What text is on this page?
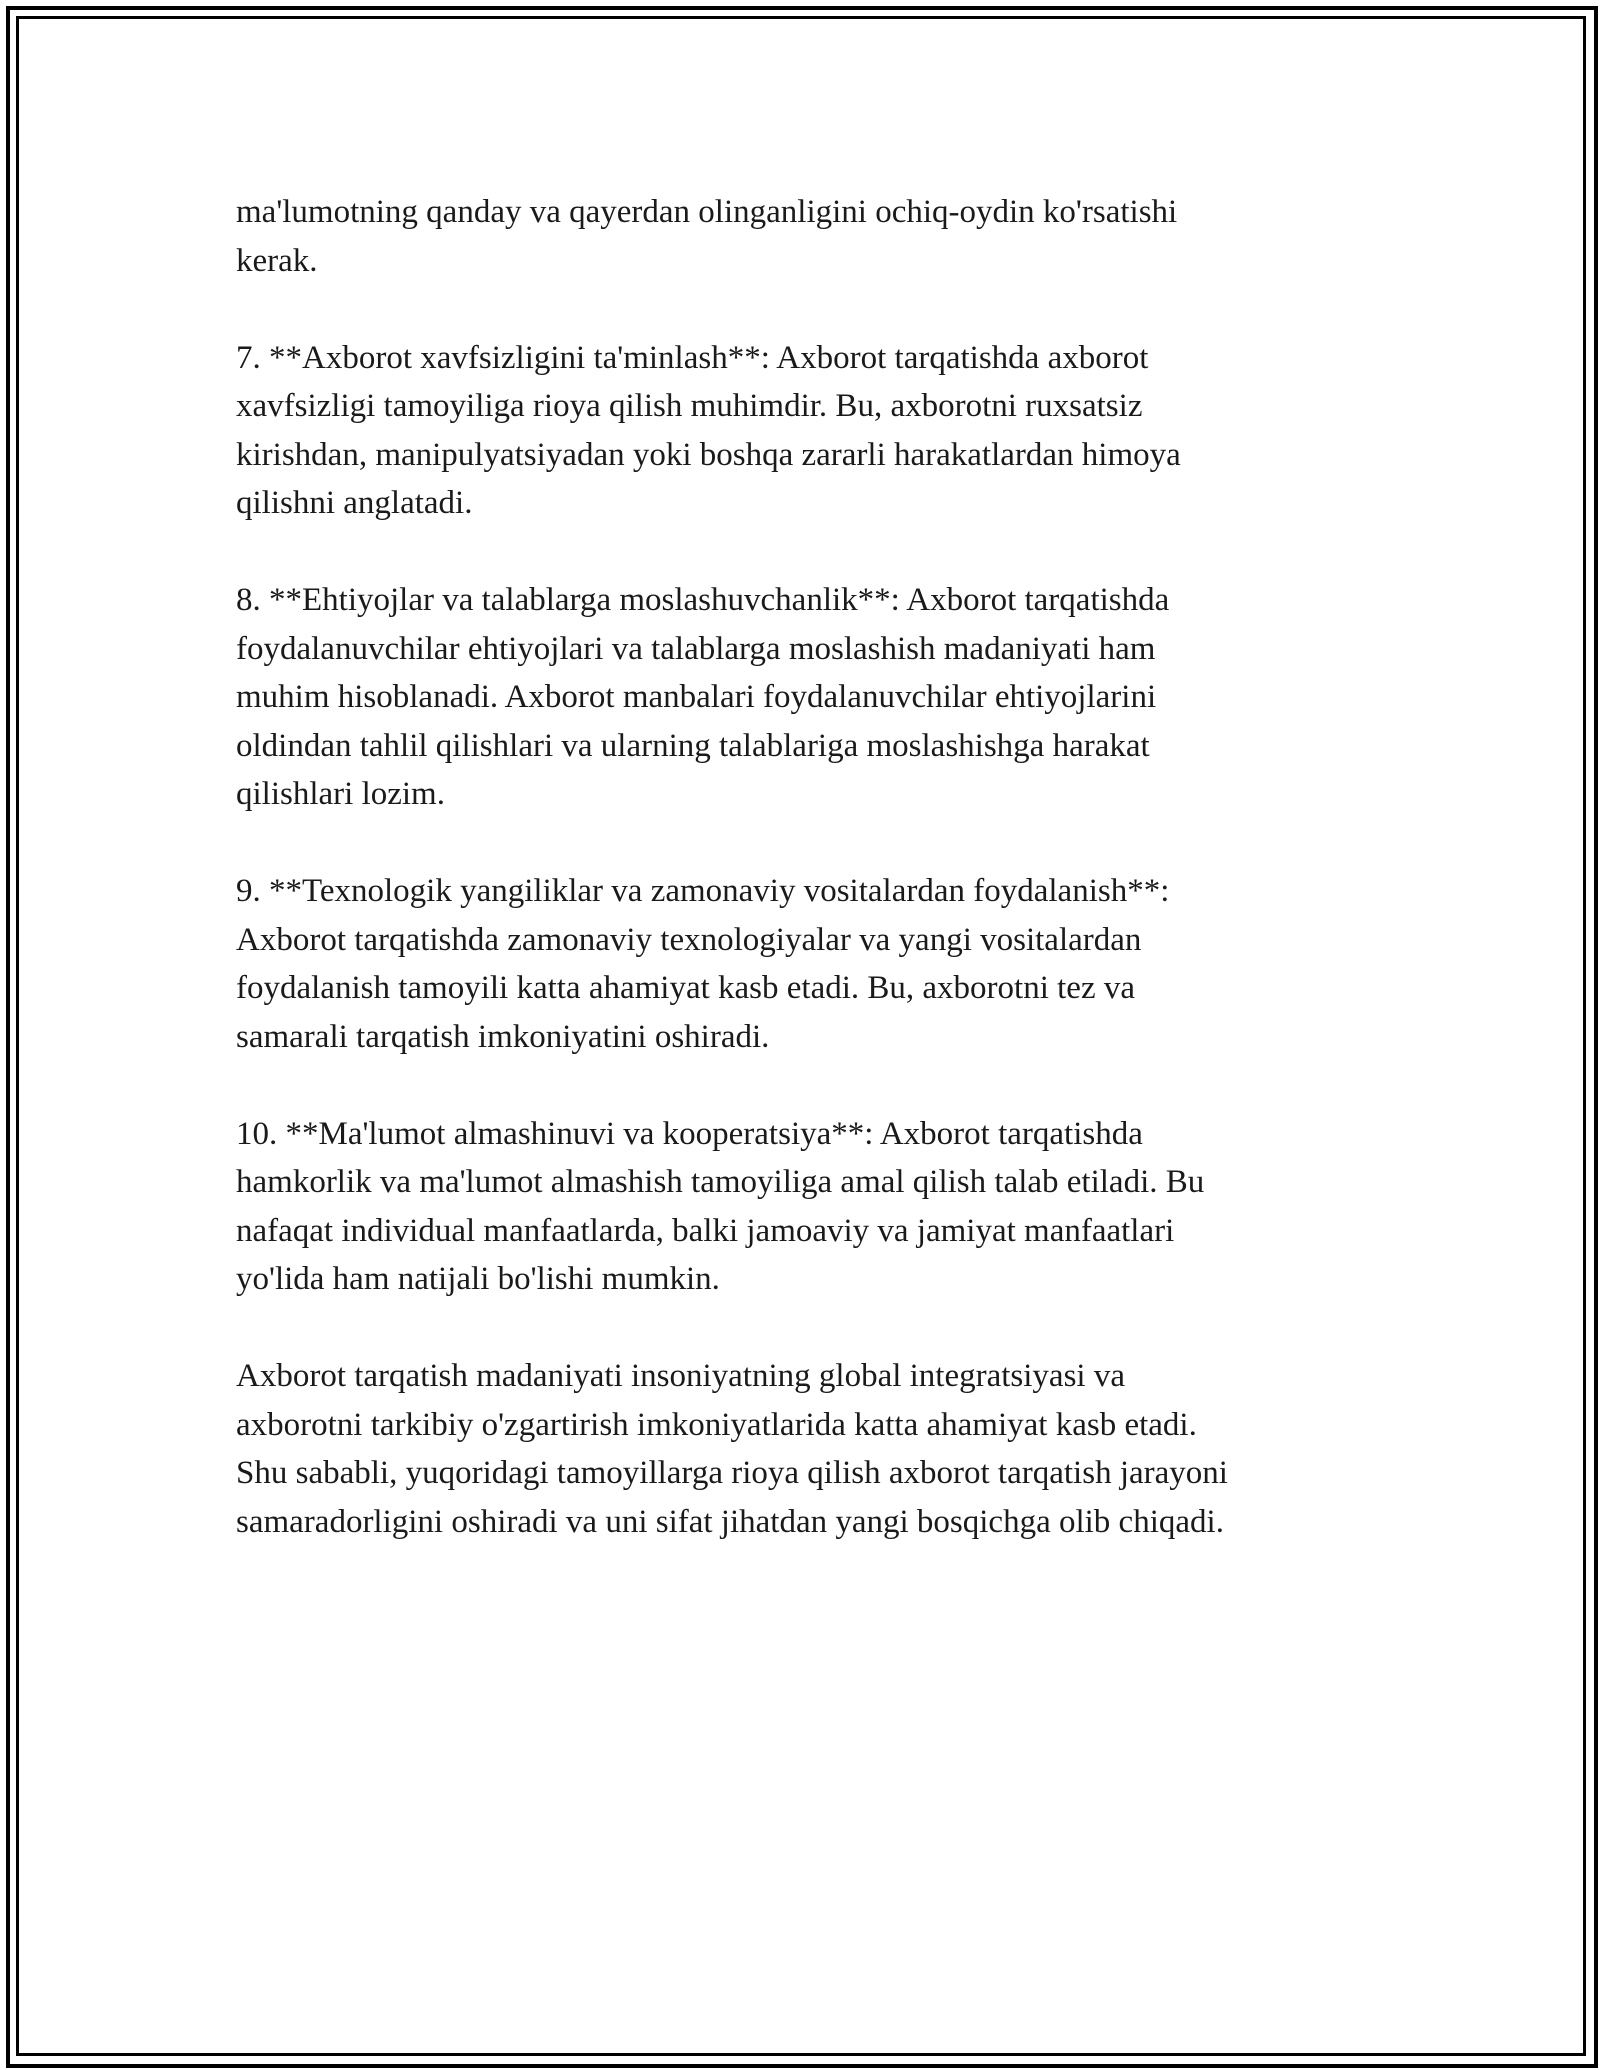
ma'lumotning qanday va qayerdan olinganligini ochiq-oydin ko'rsatishi
kerak.

7. **Axborot xavfsizligini ta'minlash**: Axborot tarqatishda axborot
xavfsizligi tamoyiliga rioya qilish muhimdir. Bu, axborotni ruxsatsiz
kirishdan, manipulyatsiyadan yoki boshqa zararli harakatlardan himoya
qilishni anglatadi.

8. **Ehtiyojlar va talablarga moslashuvchanlik**: Axborot tarqatishda
foydalanuvchilar ehtiyojlari va talablarga moslashish madaniyati ham
muhim hisoblanadi. Axborot manbalari foydalanuvchilar ehtiyojlarini
oldindan tahlil qilishlari va ularning talablariga moslashishga harakat
qilishlari lozim.

9. **Texnologik yangiliklar va zamonaviy vositalardan foydalanish**:
Axborot tarqatishda zamonaviy texnologiyalar va yangi vositalardan
foydalanish tamoyili katta ahamiyat kasb etadi. Bu, axborotni tez va
samarali tarqatish imkoniyatini oshiradi.

10. **Ma'lumot almashinuvi va kooperatsiya**: Axborot tarqatishda
hamkorlik va ma'lumot almashish tamoyiliga amal qilish talab etiladi. Bu
nafaqat individual manfaatlarda, balki jamoaviy va jamiyat manfaatlari
yo'lida ham natijali bo'lishi mumkin.

Axborot tarqatish madaniyati insoniyatning global integratsiyasi va
axborotni tarkibiy o'zgartirish imkoniyatlarida katta ahamiyat kasb etadi.
Shu sababli, yuqoridagi tamoyillarga rioya qilish axborot tarqatish jarayoni
samaradorligini oshiradi va uni sifat jihatdan yangi bosqichga olib chiqadi.
